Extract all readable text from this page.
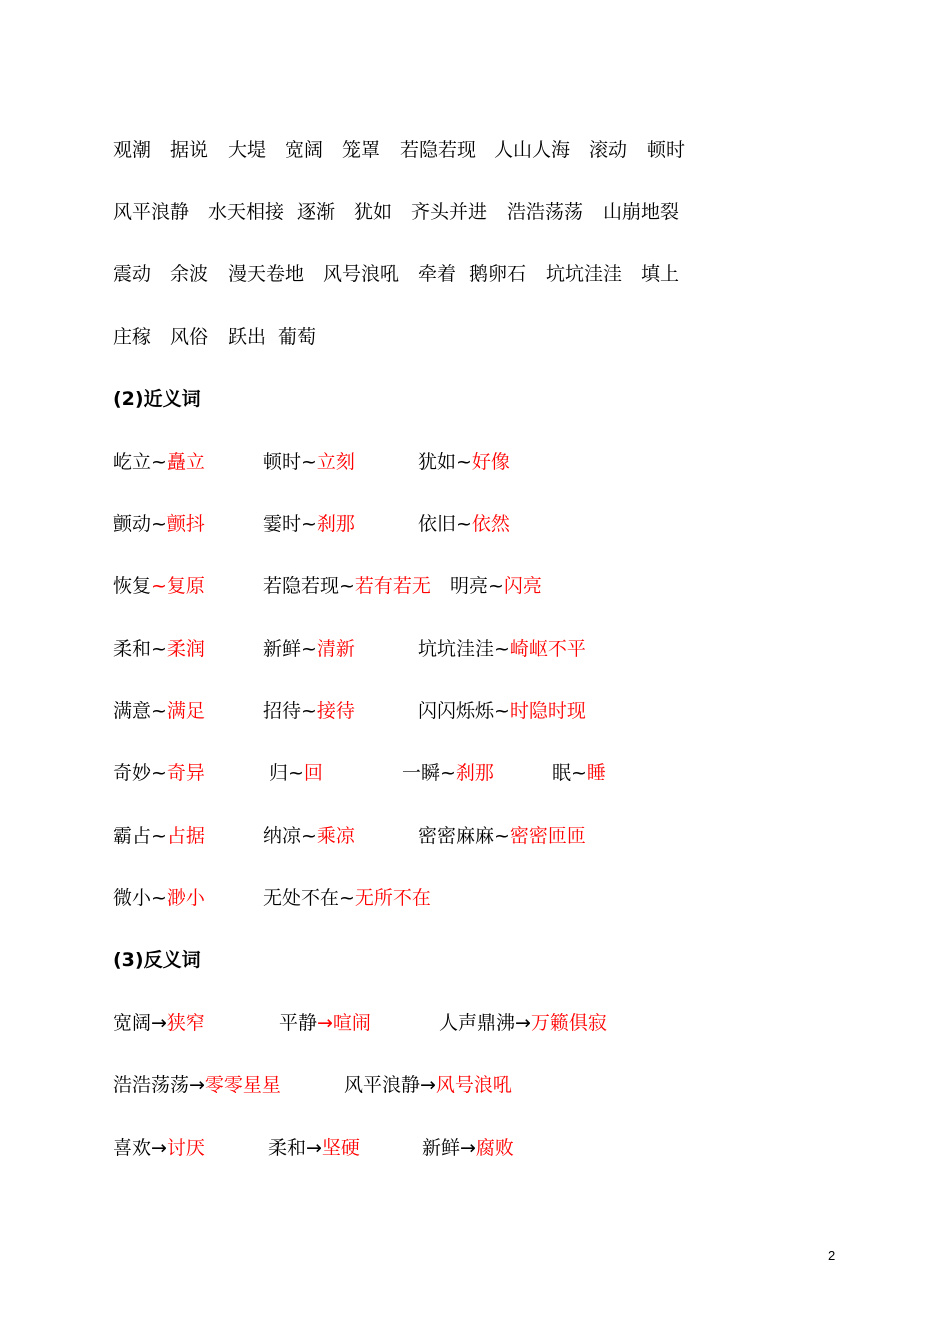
观潮 据说 大堤 宽阔 笼罩 若隐若现 人山人海 滚动 顿时
风平浪静 水天相接 逐渐 犹如 齐头并进 浩浩荡荡 山崩地裂
震动 余波 漫天卷地 风号浪吼 牵着 鹅卵石 坑坑洼洼 填上
庄稼 风俗 跃出 葡萄
(2)近义词
屹立~矗立	顿时~立刻	犹如~好像
颤动~颤抖	霎时~刹那	依旧~依然
恢复~复原	若隐若现~若有若无 明亮~闪亮
柔和~柔润	新鲜~清新	坑坑洼洼~崎岖不平
满意~满足	招待~接待	闪闪烁烁~时隐时现
奇妙~奇异	归~回	一瞬~刹那	眠~睡
霸占~占据	纳凉~乘凉	密密麻麻~密密匝匝
微小~渺小	无处不在~无所不在
(3)反义词
宽阔→狭窄	平静→喧闹	人声鼎沸→万籁俱寂
浩浩荡荡→零零星星	风平浪静→风号浪吼
喜欢→讨厌	柔和→坚硬	新鲜→腐败
2
